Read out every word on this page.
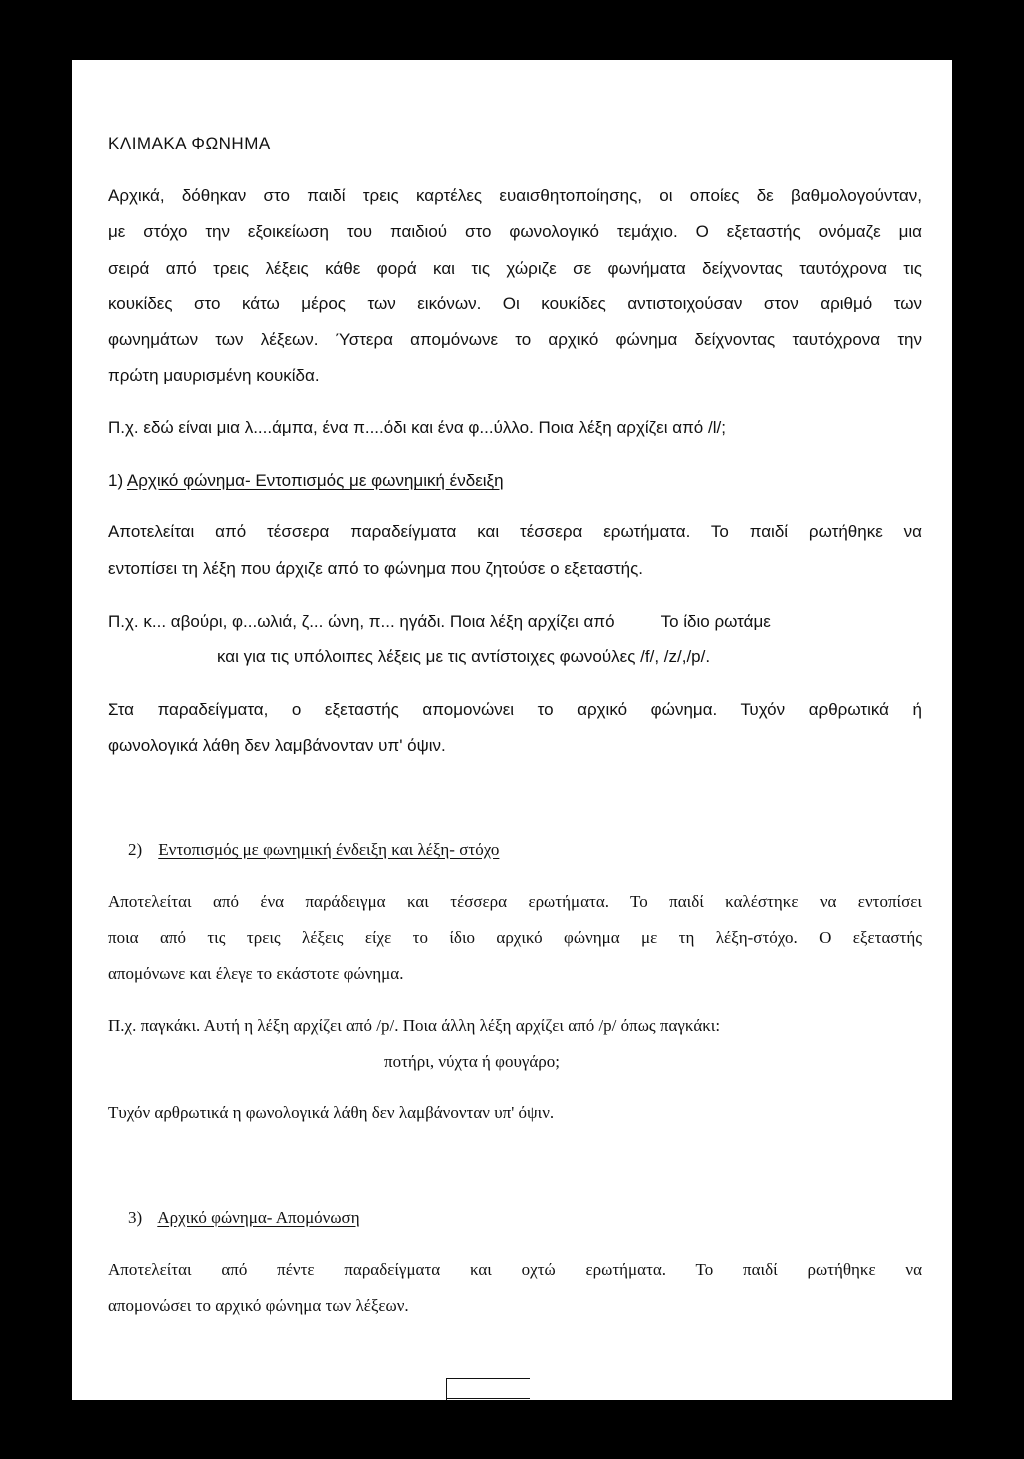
ΚΛΙΜΑΚΑ ΦΩΝΗΜΑ
Αρχικά, δόθηκαν στο παιδί τρεις καρτέλες ευαισθητοποίησης, οι οποίες δε βαθμολογούνταν,
με στόχο την εξοικείωση του παιδιού στο φωνολογικό τεμάχιο. Ο εξεταστής ονόμαζε μια
σειρά από τρεις λέξεις κάθε φορά και τις χώριζε σε φωνήματα δείχνοντας ταυτόχρονα τις
κουκίδες στο κάτω μέρος των εικόνων. Οι κουκίδες αντιστοιχούσαν στον αριθμό των
φωνημάτων των λέξεων. Ύστερα απομόνωνε το αρχικό φώνημα δείχνοντας ταυτόχρονα την
πρώτη μαυρισμένη κουκίδα.
Π.χ. εδώ είναι μια λ....άμπα, ένα π....όδι και ένα φ...ύλλο. Ποια λέξη αρχίζει από /l/;
1) Αρχικό φώνημα- Εντοπισμός με φωνημική ένδειξη
Αποτελείται από τέσσερα παραδείγματα και τέσσερα ερωτήματα. Το παιδί ρωτήθηκε να
εντοπίσει τη λέξη που άρχιζε από το φώνημα που ζητούσε ο εξεταστής.
Π.χ. κ... αβούρι, φ...ωλιά, ζ... ώνη, π... ηγάδι. Ποια λέξη αρχίζει από	Το ίδιο ρωτάμε
και για τις υπόλοιπες λέξεις με τις αντίστοιχες φωνούλες /f/, /z/,/p/.
Στα παραδείγματα, ο εξεταστής απομονώνει το αρχικό φώνημα. Τυχόν αρθρωτικά ή
φωνολογικά λάθη δεν λαμβάνονταν υπ' όψιν.
2) Εντοπισμός με φωνημική ένδειξη και λέξη- στόχο
Αποτελείται από ένα παράδειγμα και τέσσερα ερωτήματα. Το παιδί καλέστηκε να εντοπίσει
ποια από τις τρεις λέξεις είχε το ίδιο αρχικό φώνημα με τη λέξη-στόχο. Ο εξεταστής
απομόνωνε και έλεγε το εκάστοτε φώνημα.
Π.χ. παγκάκι. Αυτή η λέξη αρχίζει από /p/. Ποια άλλη λέξη αρχίζει από /p/ όπως παγκάκι:
ποτήρι, νύχτα ή φουγάρο;
Τυχόν αρθρωτικά η φωνολογικά λάθη δεν λαμβάνονταν υπ' όψιν.
3) Αρχικό φώνημα- Απομόνωση
Αποτελείται από πέντε παραδείγματα και οχτώ ερωτήματα. Το παιδί ρωτήθηκε να
απομονώσει το αρχικό φώνημα των λέξεων.
